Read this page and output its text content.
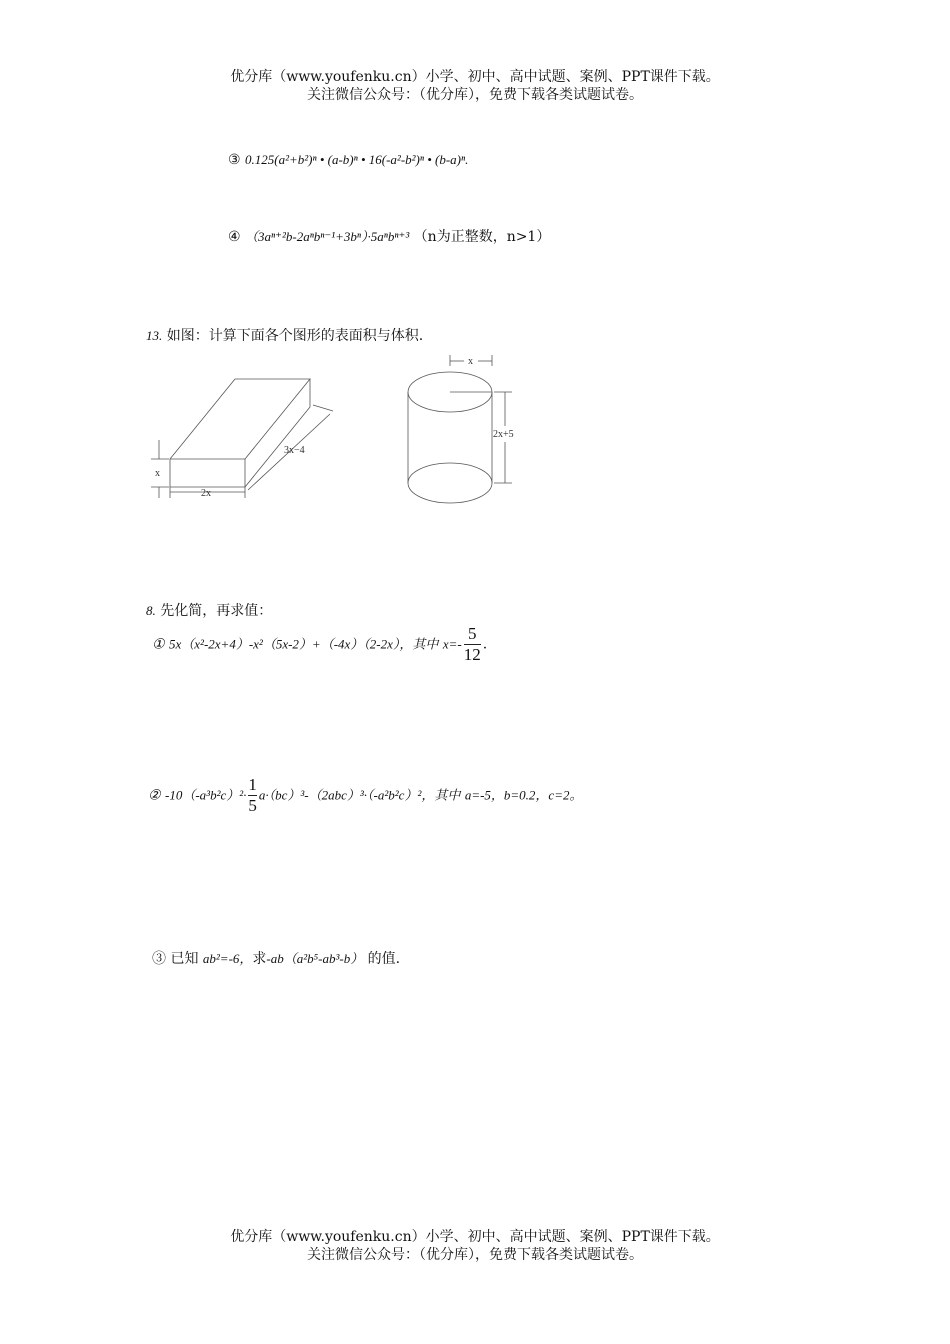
优分库（www.youfenku.cn）小学、初中、高中试题、案例、PPT课件下载。
关注微信公众号：（优分库），免费下载各类试题试卷。
③ 0.125(a²+b²)ⁿ • (a-b)ⁿ • 16(-a²-b²)ⁿ • (b-a)ⁿ.
④ （3aⁿ⁺²b-2aⁿbⁿ⁻¹+3bⁿ）·5aⁿbⁿ⁺³ （n为正整数，n>1）
13. 如图：计算下面各个图形的表面积与体积.
x
2x
3x−4
x
2x+5
8. 先化简，再求值：
① 5x（x²-2x+4）-x²（5x-2）+（-4x）（2-2x），其中 $x=- \frac{5}{12}$ .
② $-10(-a^3b^2c)^2\cdot \frac{1}{5} a\cdot(bc)^3-(2abc)^3\cdot(-a^2b^2c)^2$，其中 a=-5，b=0.2，c=2。
③ 已知 ab²=-6，求-ab（a²b⁵-ab³-b） 的值.
优分库（www.youfenku.cn）小学、初中、高中试题、案例、PPT课件下载。
关注微信公众号：（优分库），免费下载各类试题试卷。
